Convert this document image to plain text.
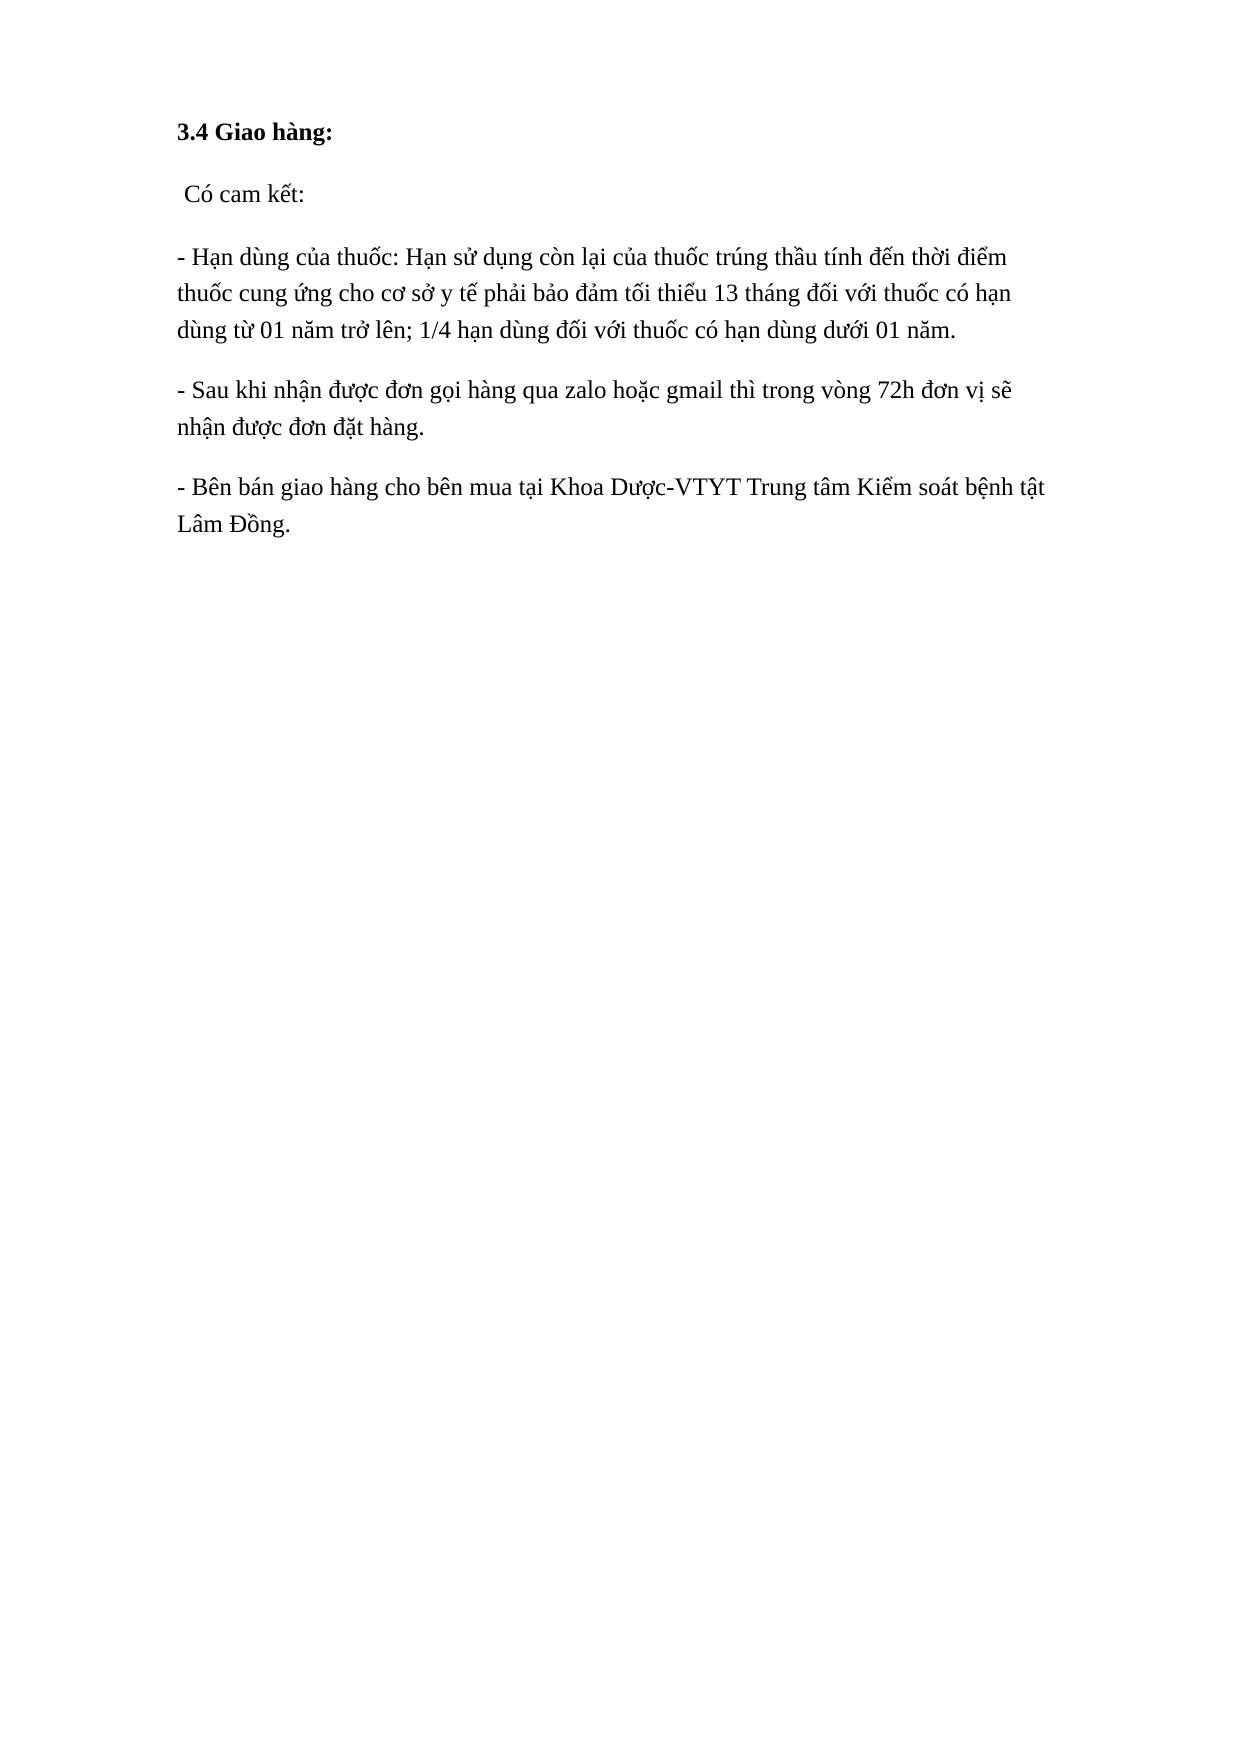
3.4 Giao hàng:
Có cam kết:
- Hạn dùng của thuốc: Hạn sử dụng còn lại của thuốc trúng thầu tính đến thời điểm
thuốc cung ứng cho cơ sở y tế phải bảo đảm tối thiểu 13 tháng đối với thuốc có hạn
dùng từ 01 năm trở lên; 1/4 hạn dùng đối với thuốc có hạn dùng dưới 01 năm.
- Sau khi nhận được đơn gọi hàng qua zalo hoặc gmail thì trong vòng 72h đơn vị sẽ
nhận được đơn đặt hàng.
- Bên bán giao hàng cho bên mua tại Khoa Dược-VTYT Trung tâm Kiểm soát bệnh tật
Lâm Đồng.
